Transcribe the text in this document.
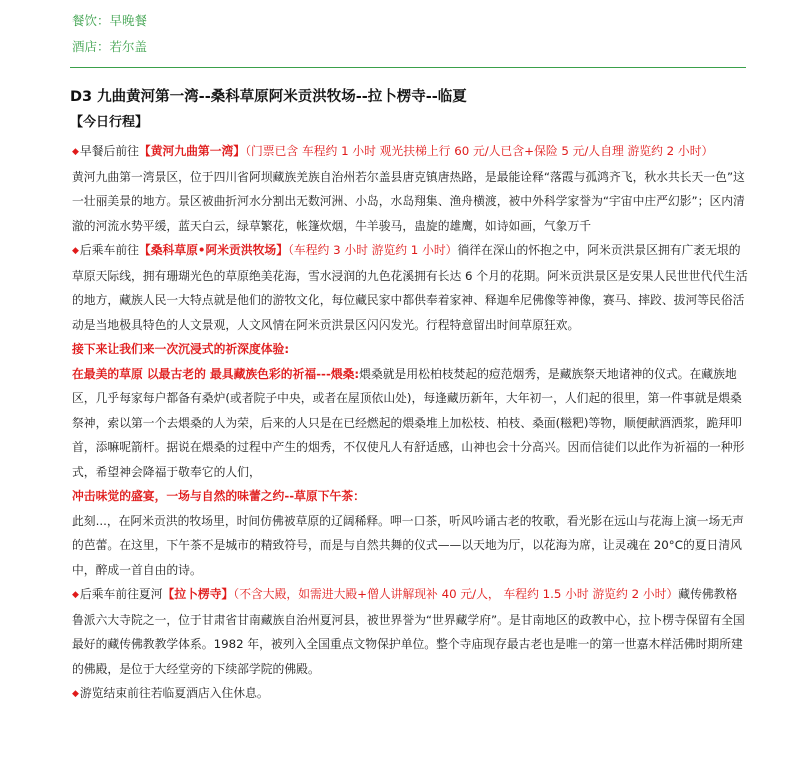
餐饮：早晚餐
酒店：若尔盖
D3 九曲黄河第一湾--桑科草原阿米贡洪牧场--拉卜楞寺--临夏
【今日行程】

◆早餐后前往【黄河九曲第一湾】（门票已含 车程约 1 小时 观光扶梯上行 60 元/人已含+保险 5 元/人自理 游览约 2 小时）
黄河九曲第一湾景区，位于四川省阿坝藏族羌族自治州若尔盖县唐克镇唐热路，是最能诠释“落霞与孤鸿齐飞，秋水共长天一色”这一壮丽美景的地方。景区被曲折河水分割出无数河洲、小岛，水岛翔集、渔舟横渡，被中外科学家誉为“宇宙中庄严幻影”；区内清澈的河流水势平缓，蓝天白云，绿草繁花，帐篷炊烟，牛羊骏马，蛊旋的雄鹰，如诗如画，气象万千

◆后乘车前往【桑科草原•阿米贡洪牧场】（车程约 3 小时 游览约 1 小时）徜徉在深山的怀抱之中，阿米贡洪景区拥有广袤无垠的草原天际线，拥有珊瑚光色的草原绝美花海，雪水浸润的九色花溪拥有长达 6 个月的花期。阿米贡洪景区是安果人民世世代代生活的地方，藏族人民一大特点就是他们的游牧文化，每位藏民家中都供奉着家神、释迦牟尼佛像等神像，赛马、摔跤、拔河等民俗活动是当地极具特色的人文景观，人文风情在阿米贡洪景区闪闪发光。行程特意留出时间草原狂欢。

接下来让我们来一次沉浸式的祈深度体验:
在最美的草原 以最古老的 最具藏族色彩的祈福---煨桑:煨桑就是用松柏枝焚起的痘范烟秀，是藏族祭天地诸神的仪式。在藏族地区，几乎每家每户都备有桑炉(或者院子中央，或者在屋顶依山处)，每逢藏历新年，大年初一，人们起的很里，第一件事就是煨桑祭神，索以第一个去煨桑的人为荣，后来的人只是在已经燃起的煨桑堆上加松枝、柏枝、桑面(糍粑)等物，顺便献酒洒浆，跪拜叩首，添嘛呢箭杆。据说在煨桑的过程中产生的烟秀，不仅使凡人有舒适感，山神也会十分高兴。因而信徒们以此作为祈福的一种形式，希望神会降福于敬奉它的人们，

冲击味觉的盛宴，一场与自然的味蕾之约--草原下午茶：
此刻...，在阿米贡洪的牧场里，时间仿佛被草原的辽阔稀释。呷一口茶，听风吟诵古老的牧歌，看光影在远山与花海上演一场无声的芭蕾。在这里，下午茶不是城市的精致符号，而是与自然共舞的仪式——以天地为厅，以花海为席，让灵魂在 20°C的夏日清风中，醉成一首自由的诗。

◆后乘车前往夏河【拉卜楞寺】（不含大殿，如需进大殿+僧人讲解现补 40 元/人， 车程约 1.5 小时 游览约 2 小时）藏传佛教格鲁派六大寺院之一，位于甘肃省甘南藏族自治州夏河县，被世界誉为“世界藏学府”。是甘南地区的政教中心，拉卜楞寺保留有全国最好的藏传佛教教学体系。1982 年，被列入全国重点文物保护单位。整个寺庙现存最古老也是唯一的第一世嘉木样活佛时期所建的佛殿，是位于大经堂旁的下续部学院的佛殿。

◆游览结束前往若临夏酒店入住休息。
